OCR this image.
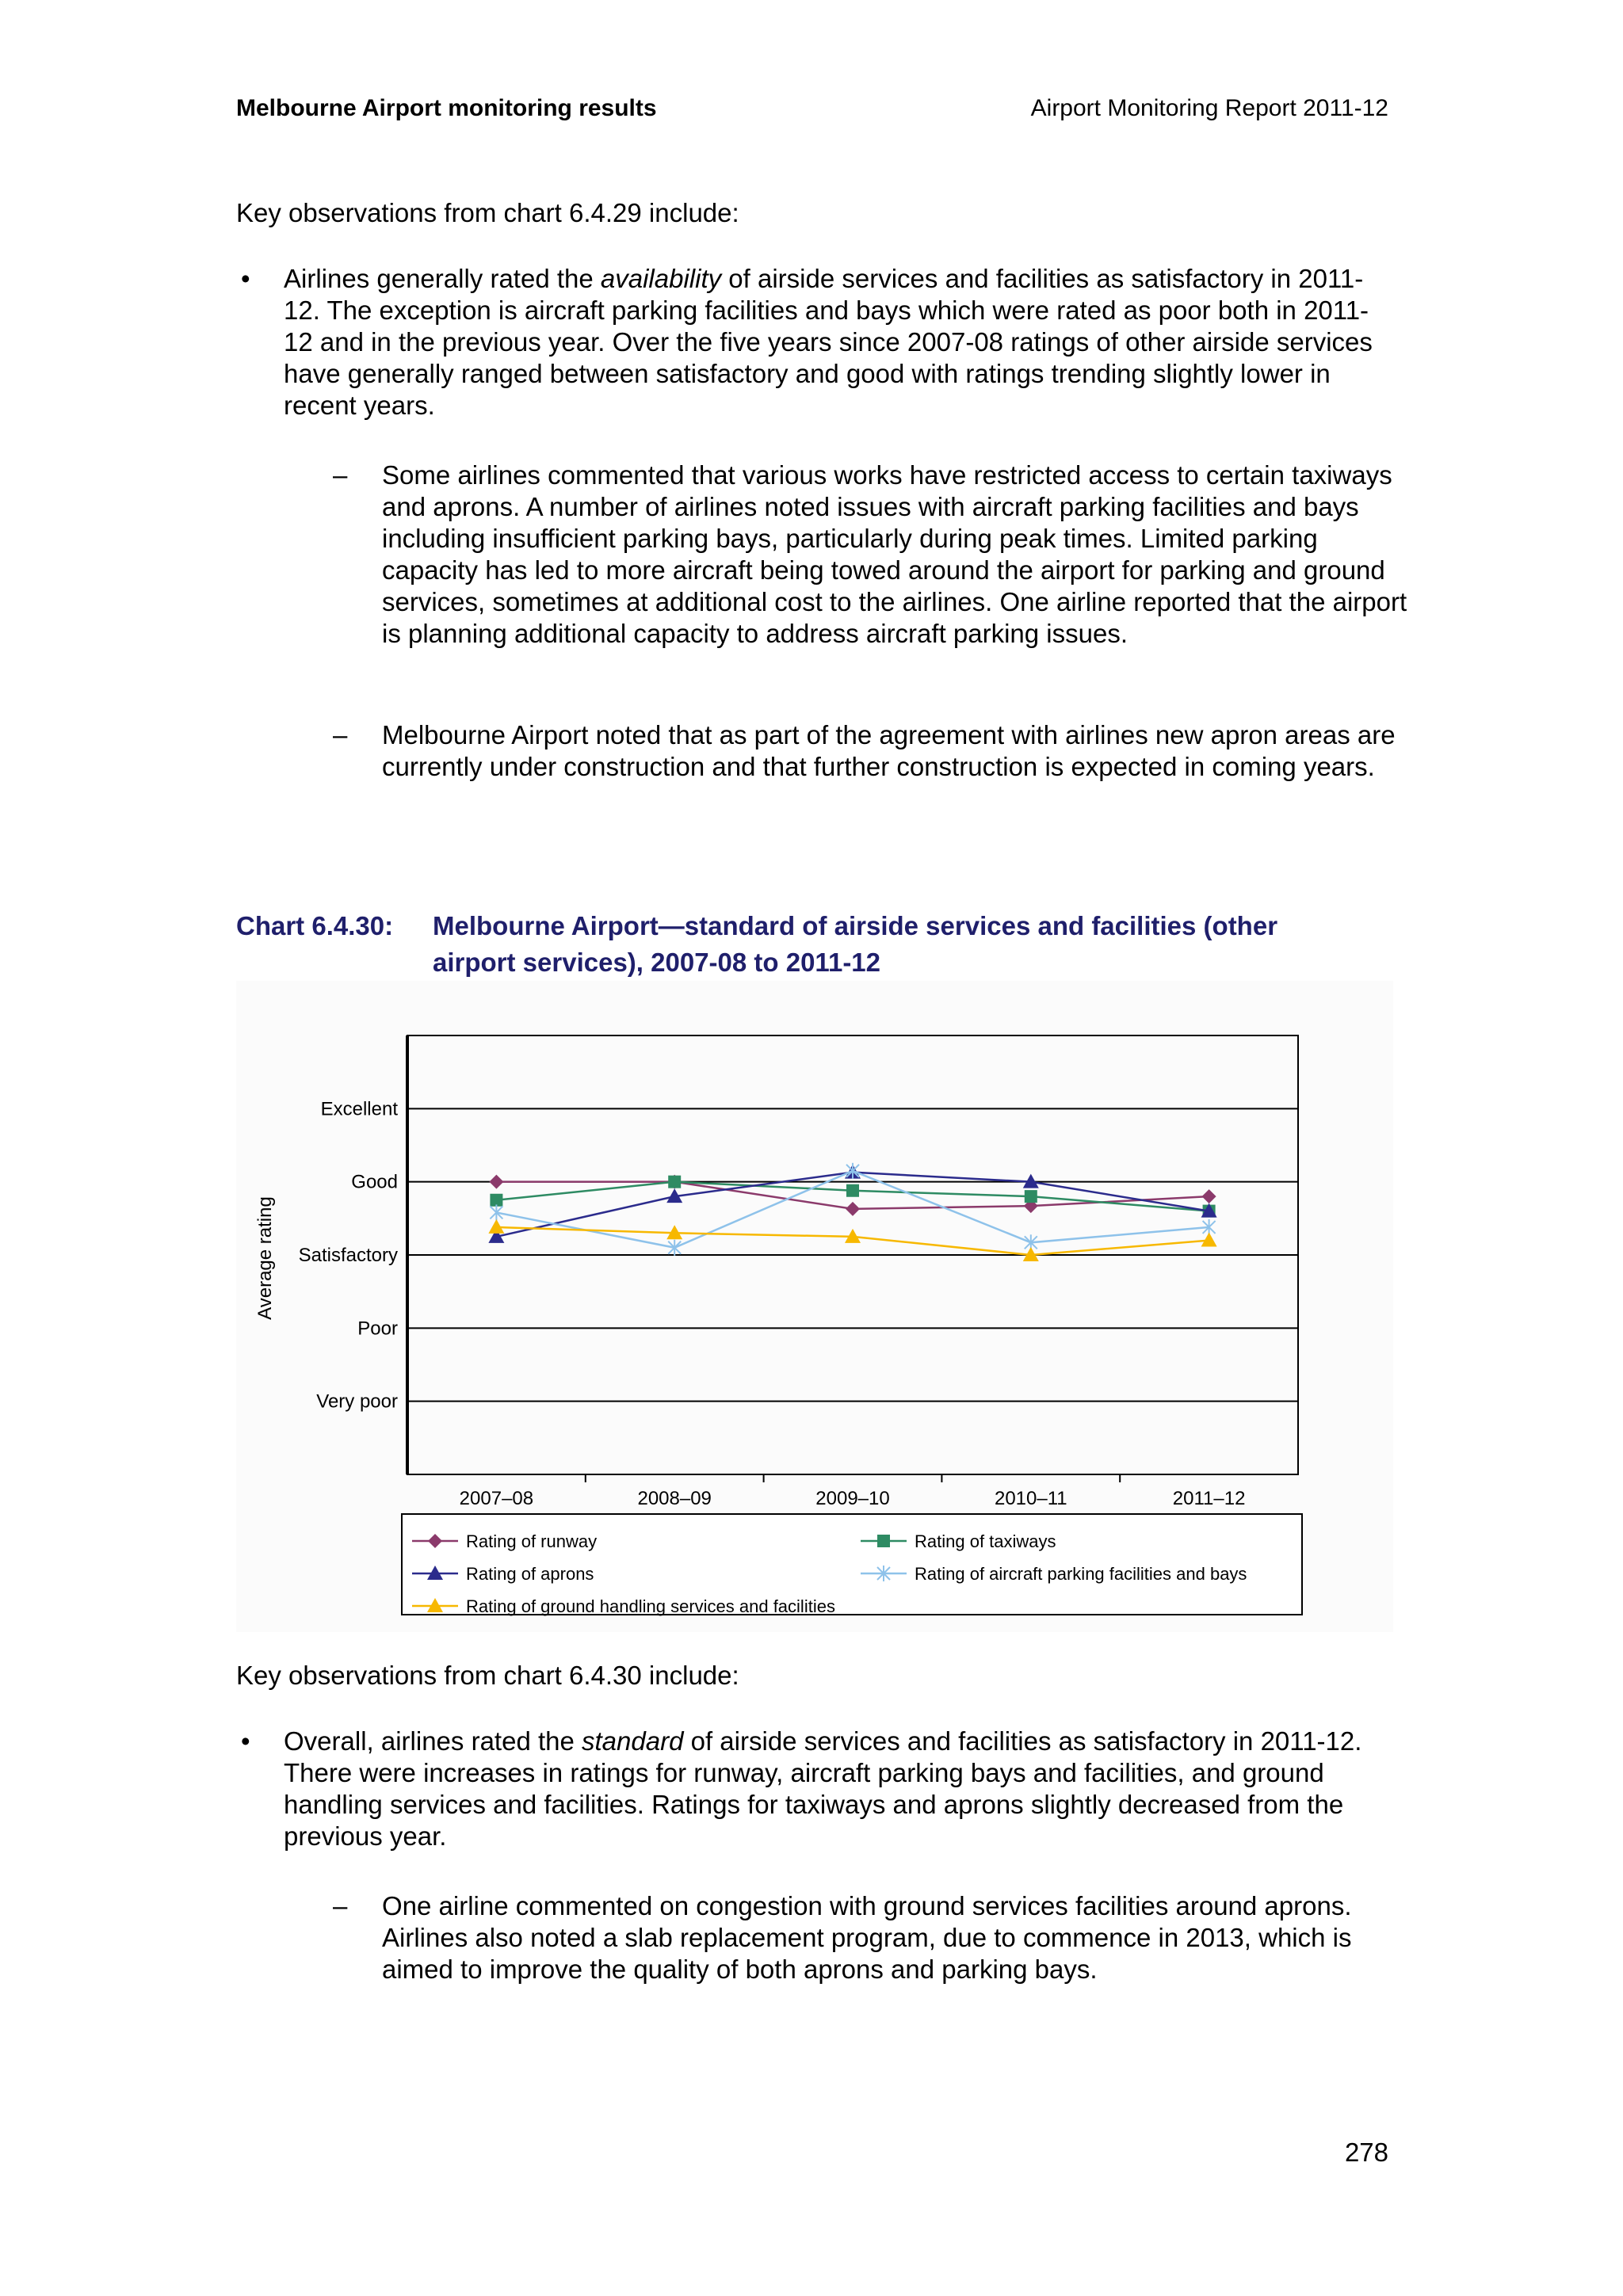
Melbourne Airport monitoring results	Airport Monitoring Report 2011-12

Key observations from chart 6.4.29 include:

• Airlines generally rated the availability of airside services and facilities as satisfactory in 2011-12. The exception is aircraft parking facilities and bays which were rated as poor both in 2011-12 and in the previous year. Over the five years since 2007-08 ratings of other airside services have generally ranged between satisfactory and good with ratings trending slightly lower in recent years.

– Some airlines commented that various works have restricted access to certain taxiways and aprons. A number of airlines noted issues with aircraft parking facilities and bays including insufficient parking bays, particularly during peak times. Limited parking capacity has led to more aircraft being towed around the airport for parking and ground services, sometimes at additional cost to the airlines. One airline reported that the airport is planning additional capacity to address aircraft parking issues.

– Melbourne Airport noted that as part of the agreement with airlines new apron areas are currently under construction and that further construction is expected in coming years.

Chart 6.4.30: Melbourne Airport—standard of airside services and facilities (other airport services), 2007-08 to 2011-12
Average rating
Very poor
Poor
Satisfactory
Good
Excellent
2007–08	2008–09	2009–10	2010–11	2011–12
Rating of runway	Rating of taxiways
Rating of aprons	Rating of aircraft parking facilities and bays
Rating of ground handling services and facilities

Key observations from chart 6.4.30 include:

• Overall, airlines rated the standard of airside services and facilities as satisfactory in 2011-12. There were increases in ratings for runway, aircraft parking bays and facilities, and ground handling services and facilities. Ratings for taxiways and aprons slightly decreased from the previous year.

– One airline commented on congestion with ground services facilities around aprons. Airlines also noted a slab replacement program, due to commence in 2013, which is aimed to improve the quality of both aprons and parking bays.

278
